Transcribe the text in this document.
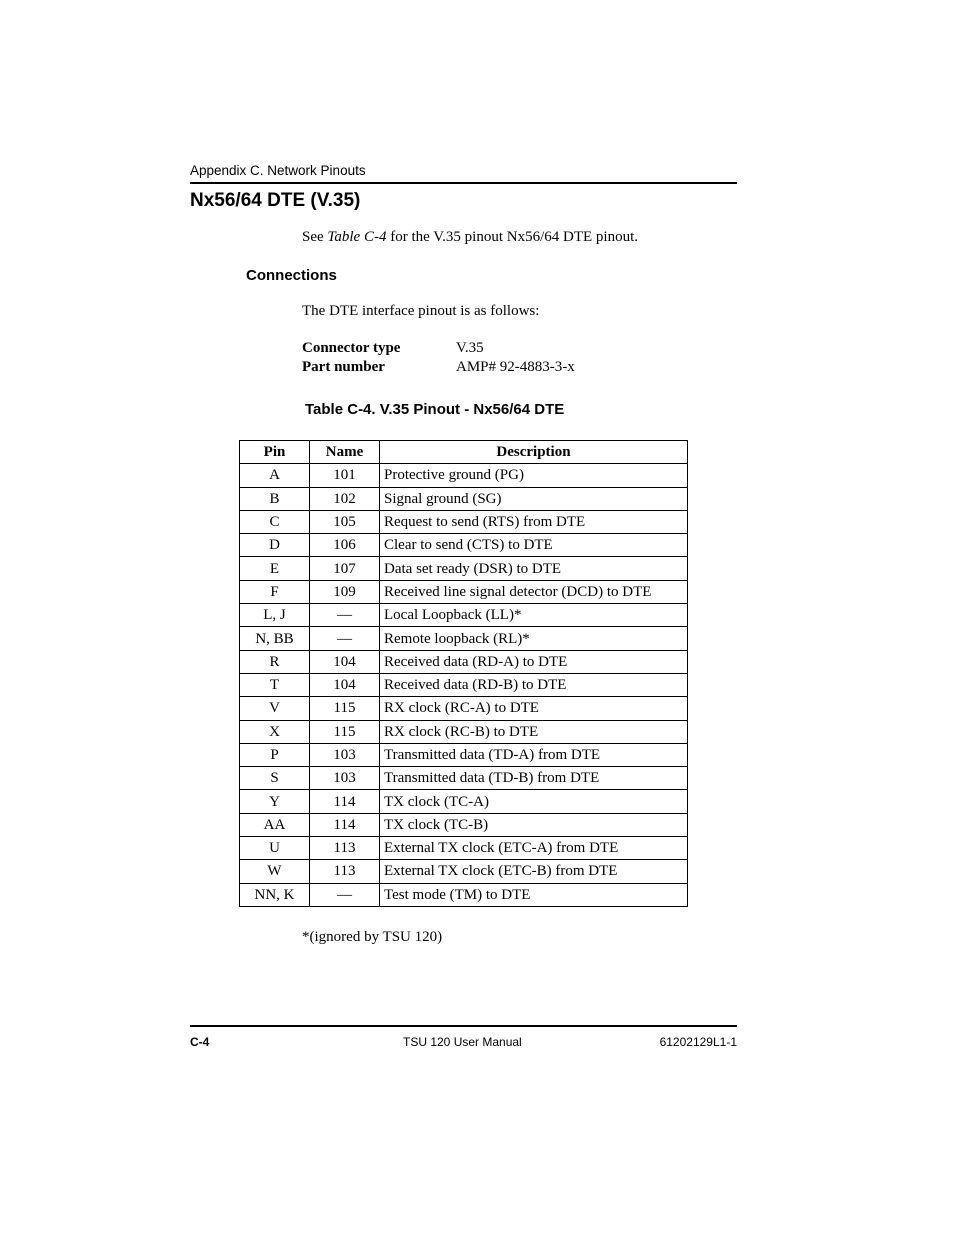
Appendix C. Network Pinouts
Nx56/64 DTE (V.35)
See Table C-4 for the V.35 pinout Nx56/64 DTE pinout.
Connections
The DTE interface pinout is as follows:
Connector type	V.35
Part number	AMP# 92-4883-3-x
Table C-4. V.35 Pinout - Nx56/64 DTE
Pin	Name	Description
A	101	Protective ground (PG)
B	102	Signal ground (SG)
C	105	Request to send (RTS) from DTE
D	106	Clear to send (CTS) to DTE
E	107	Data set ready (DSR) to DTE
F	109	Received line signal detector (DCD) to DTE
L, J	—	Local Loopback (LL)*
N, BB	—	Remote loopback (RL)*
R	104	Received data (RD-A) to DTE
T	104	Received data (RD-B) to DTE
V	115	RX clock (RC-A) to DTE
X	115	RX clock (RC-B) to DTE
P	103	Transmitted data (TD-A) from DTE
S	103	Transmitted data (TD-B) from DTE
Y	114	TX clock (TC-A)
AA	114	TX clock (TC-B)
U	113	External TX clock (ETC-A) from DTE
W	113	External TX clock (ETC-B) from DTE
NN, K	—	Test mode (TM) to DTE
*(ignored by TSU 120)
C-4	TSU 120 User Manual	61202129L1-1
